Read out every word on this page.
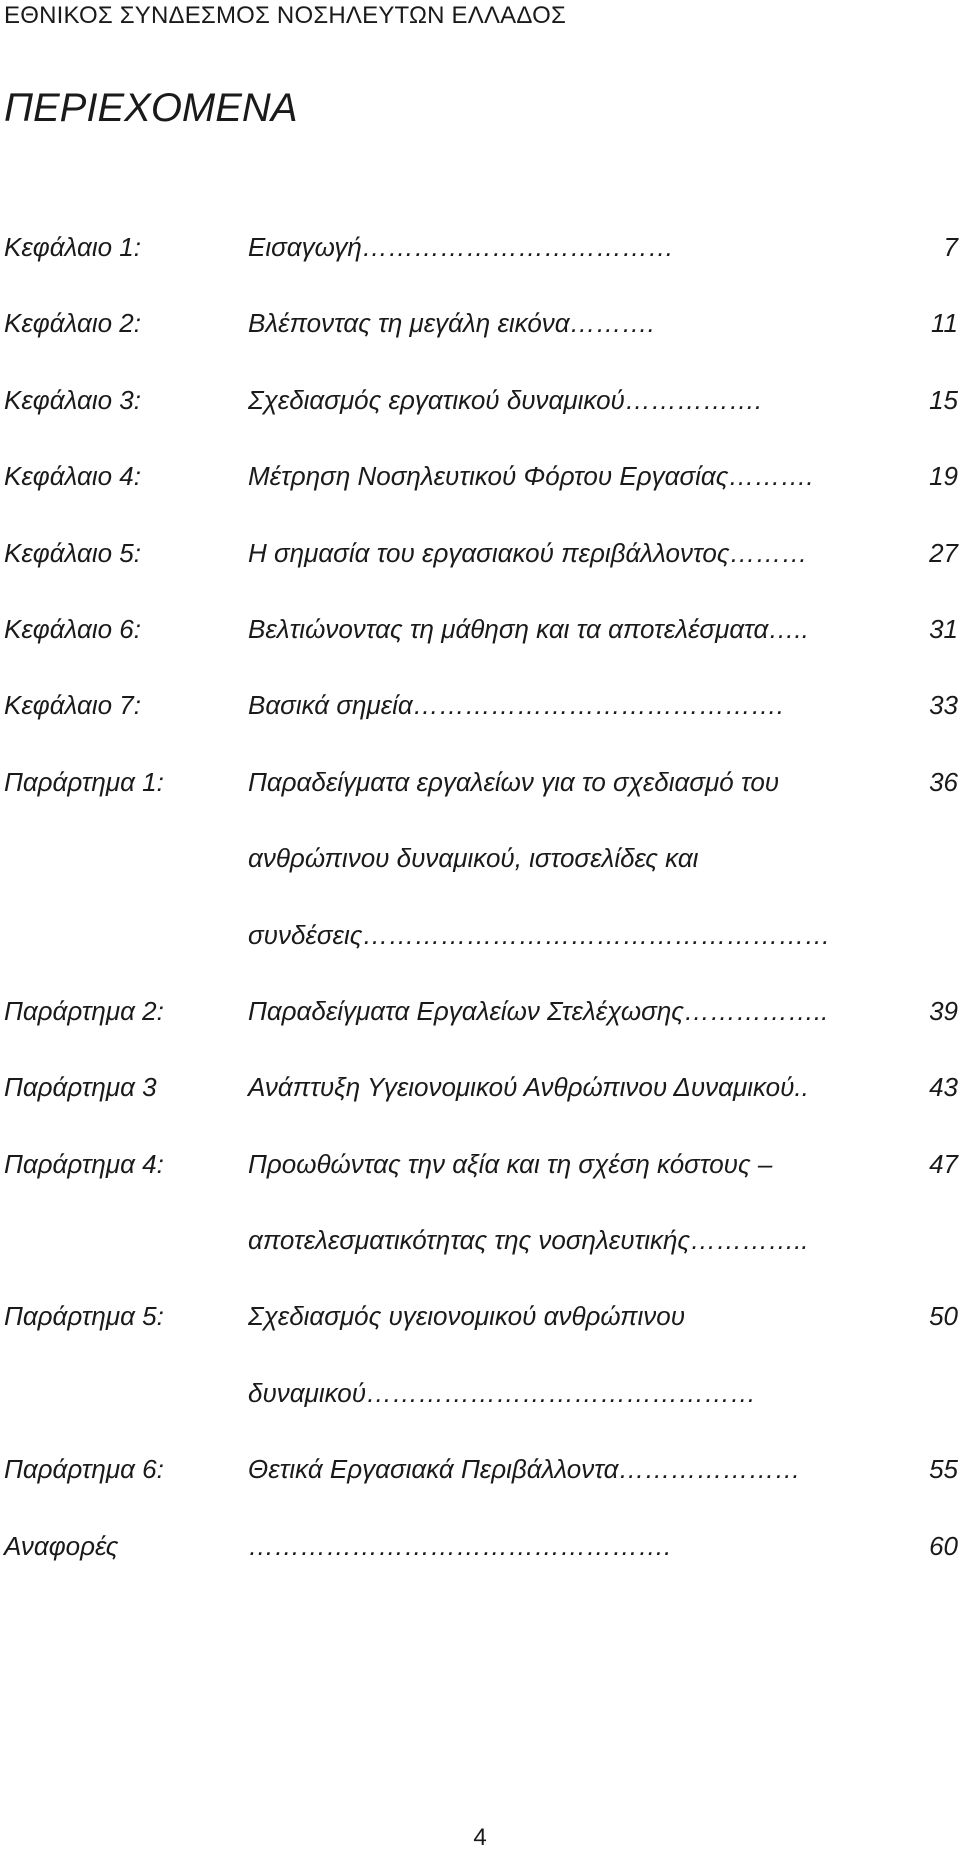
ΕΘΝΙΚΟΣ ΣΥΝΔΕΣΜΟΣ ΝΟΣΗΛΕΥΤΩΝ ΕΛΛΑΔΟΣ
ΠΕΡΙΕΧΟΜΕΝΑ
Κεφάλαιο 1:	Εισαγωγή………………………………	7
Κεφάλαιο 2:	Βλέποντας τη μεγάλη εικόνα……….	11
Κεφάλαιο 3:	Σχεδιασμός εργατικού δυναμικού…………….	15
Κεφάλαιο 4:	Μέτρηση Νοσηλευτικού Φόρτου Εργασίας……….	19
Κεφάλαιο 5:	Η σημασία του εργασιακού περιβάλλοντος………	27
Κεφάλαιο 6:	Βελτιώνοντας τη μάθηση και τα αποτελέσματα…..	31
Κεφάλαιο 7:	Βασικά σημεία…………………………………….	33
Παράρτημα 1:	Παραδείγματα εργαλείων για το σχεδιασμό του	36
ανθρώπινου δυναμικού, ιστοσελίδες και
συνδέσεις………………………………………………
Παράρτημα 2:	Παραδείγματα Εργαλείων Στελέχωσης……………..	39
Παράρτημα 3	Ανάπτυξη Υγειονομικού Ανθρώπινου Δυναμικού..	43
Παράρτημα 4:	Προωθώντας την αξία και τη σχέση κόστους –	47
αποτελεσματικότητας της νοσηλευτικής…………..
Παράρτημα 5:	Σχεδιασμός υγειονομικού ανθρώπινου	50
δυναμικού………………………………………
Παράρτημα 6:	Θετικά Εργασιακά Περιβάλλοντα…………………	55
Αναφορές	………………………………………….	60
4
